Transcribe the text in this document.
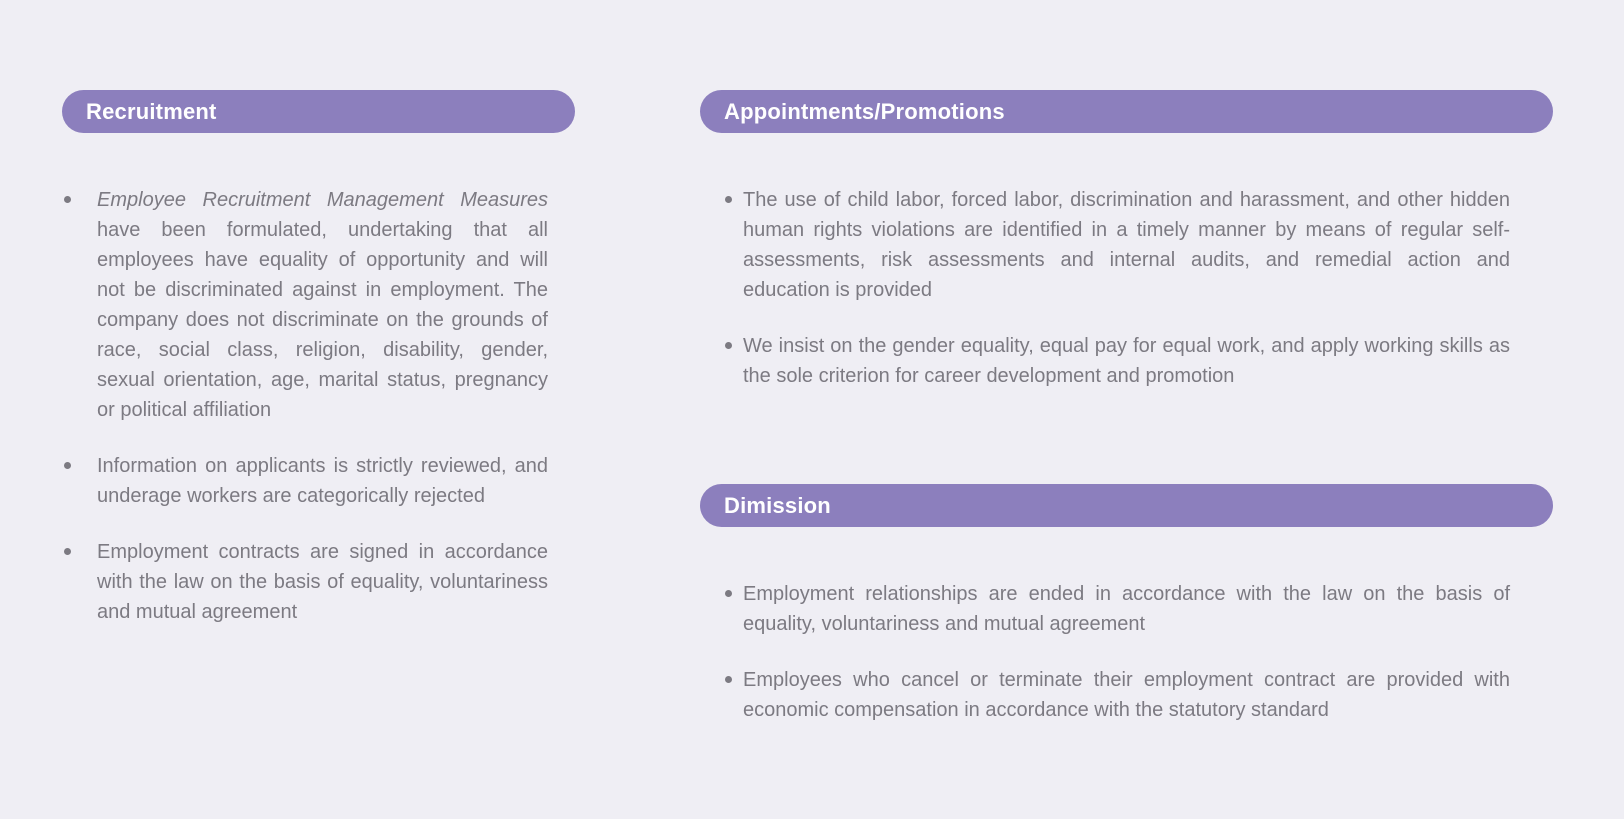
Recruitment
Employee Recruitment Management Measures have been formulated, undertaking that all employees have equality of opportunity and will not be discriminated against in employment. The company does not discriminate on the grounds of race, social class, religion, disability, gender, sexual orientation, age, marital status, pregnancy or political affiliation
Information on applicants is strictly reviewed, and underage workers are categorically rejected
Employment contracts are signed in accordance with the law on the basis of equality, voluntariness and mutual agreement
Appointments/Promotions
The use of child labor, forced labor, discrimination and harassment, and other hidden human rights violations are identified in a timely manner by means of regular self-assessments, risk assessments and internal audits, and remedial action and education is provided
We insist on the gender equality, equal pay for equal work, and apply working skills as the sole criterion for career development and promotion
Dimission
Employment relationships are ended in accordance with the law on the basis of equality, voluntariness and mutual agreement
Employees who cancel or terminate their employment contract are provided with economic compensation in accordance with the statutory standard
